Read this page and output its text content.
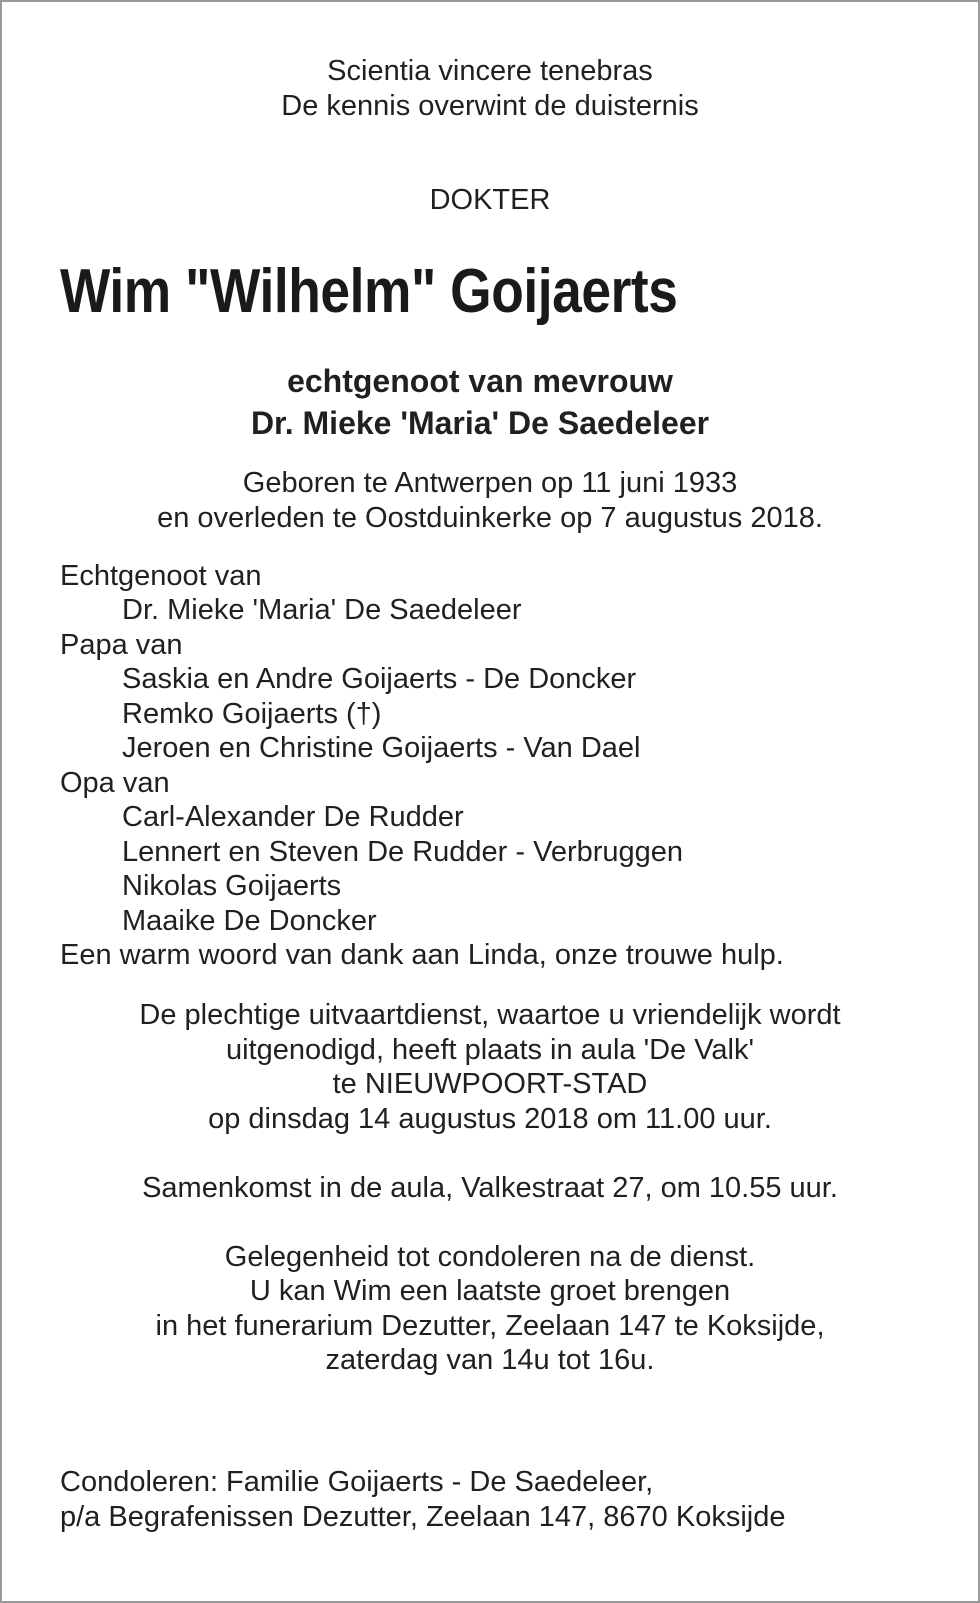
Scientia vincere tenebras
De kennis overwint de duisternis
DOKTER
Wim "Wilhelm" Goijaerts
echtgenoot van mevrouw
Dr. Mieke 'Maria' De Saedeleer
Geboren te Antwerpen op 11 juni 1933
en overleden te Oostduinkerke op 7 augustus 2018.
Echtgenoot van
Dr. Mieke 'Maria' De Saedeleer
Papa van
Saskia en Andre Goijaerts - De Doncker
Remko Goijaerts (†)
Jeroen en Christine Goijaerts - Van Dael
Opa van
Carl-Alexander De Rudder
Lennert en Steven De Rudder - Verbruggen
Nikolas Goijaerts
Maaike De Doncker
Een warm woord van dank aan Linda, onze trouwe hulp.
De plechtige uitvaartdienst, waartoe u vriendelijk wordt
uitgenodigd, heeft plaats in aula 'De Valk'
te NIEUWPOORT-STAD
op dinsdag 14 augustus 2018 om 11.00 uur.
Samenkomst in de aula, Valkestraat 27, om 10.55 uur.
Gelegenheid tot condoleren na de dienst.
U kan Wim een laatste groet brengen
in het funerarium Dezutter, Zeelaan 147 te Koksijde,
zaterdag van 14u tot 16u.
Condoleren: Familie Goijaerts - De Saedeleer,
p/a Begrafenissen Dezutter, Zeelaan 147, 8670 Koksijde
